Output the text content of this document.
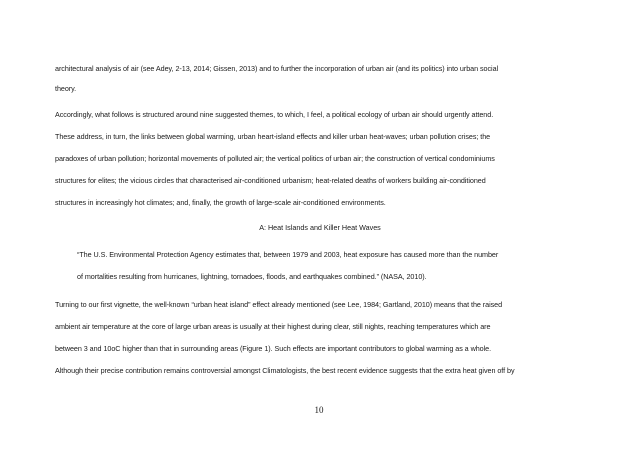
architectural analysis of air (see Adey, 2-13, 2014; Gissen, 2013) and to further the incorporation of urban air (and its politics) into urban social
theory.
Accordingly, what follows is structured around nine suggested themes, to which, I feel, a political ecology of urban air should urgently attend.
These address, in turn, the links between global warming, urban heart-island effects and killer urban heat-waves; urban pollution crises; the
paradoxes of urban pollution; horizontal movements of polluted air; the vertical politics of urban air; the construction of vertical condominiums
structures for elites; the vicious circles that characterised air-conditioned urbanism; heat-related deaths of workers building air-conditioned
structures in increasingly hot climates; and, finally, the growth of large-scale air-conditioned environments.
A: Heat Islands and Killer Heat Waves
“The U.S. Environmental Protection Agency estimates that, between 1979 and 2003, heat exposure has caused more than the number
of mortalities resulting from hurricanes, lightning, tornadoes, floods, and earthquakes combined.” (NASA, 2010).
Turning to our first vignette, the well-known “urban heat island” effect already mentioned (see Lee, 1984; Gartland, 2010) means that the raised
ambient air temperature at the core of large urban areas is usually at their highest during clear, still nights, reaching temperatures which are
between 3 and 10oC higher than that in surrounding areas (Figure 1). Such effects are important contributors to global warming as a whole.
Although their precise contribution remains controversial amongst Climatologists, the best recent evidence suggests that the extra heat given off by
10
